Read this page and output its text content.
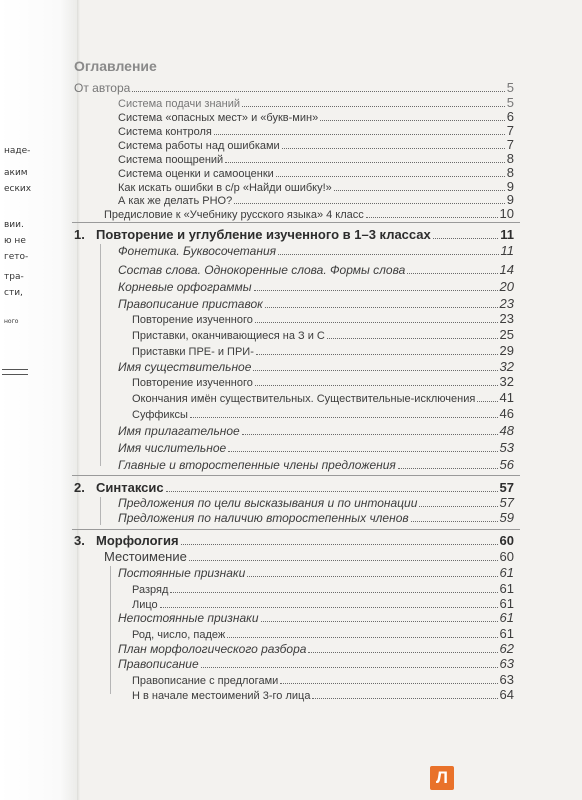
наде-
аким
еских
вии.
ю не
гето-
тра-
сти,
ного
Оглавление
От автора	5
Система подачи знаний	5
Система «опасных мест» и «букв-мин»	6
Система контроля	7
Система работы над ошибками	7
Система поощрений	8
Система оценки и самооценки	8
Как искать ошибки в с/р «Найди ошибку!»	9
А как же делать РНО?	9
Предисловие к «Учебнику русского языка» 4 класс	10
1. Повторение и углубление изученного в 1–3 классах	11
Фонетика. Буквосочетания	11
Состав слова. Однокоренные слова. Формы слова	14
Корневые орфограммы	20
Правописание приставок	23
Повторение изученного	23
Приставки, оканчивающиеся на З и С	25
Приставки ПРЕ- и ПРИ-	29
Имя существительное	32
Повторение изученного	32
Окончания имён существительных. Существительные-исключения 41
Суффиксы	46
Имя прилагательное	48
Имя числительное	53
Главные и второстепенные члены предложения	56
2. Синтаксис	57
Предложения по цели высказывания и по интонации	57
Предложения по наличию второстепенных членов	59
3. Морфология	60
Местоимение	60
Постоянные признаки	61
Разряд	61
Лицо	61
Непостоянные признаки	61
Род, число, падеж	61
План морфологического разбора	62
Правописание	63
Правописание с предлогами	63
Н в начале местоимений 3-го лица	64
Л
